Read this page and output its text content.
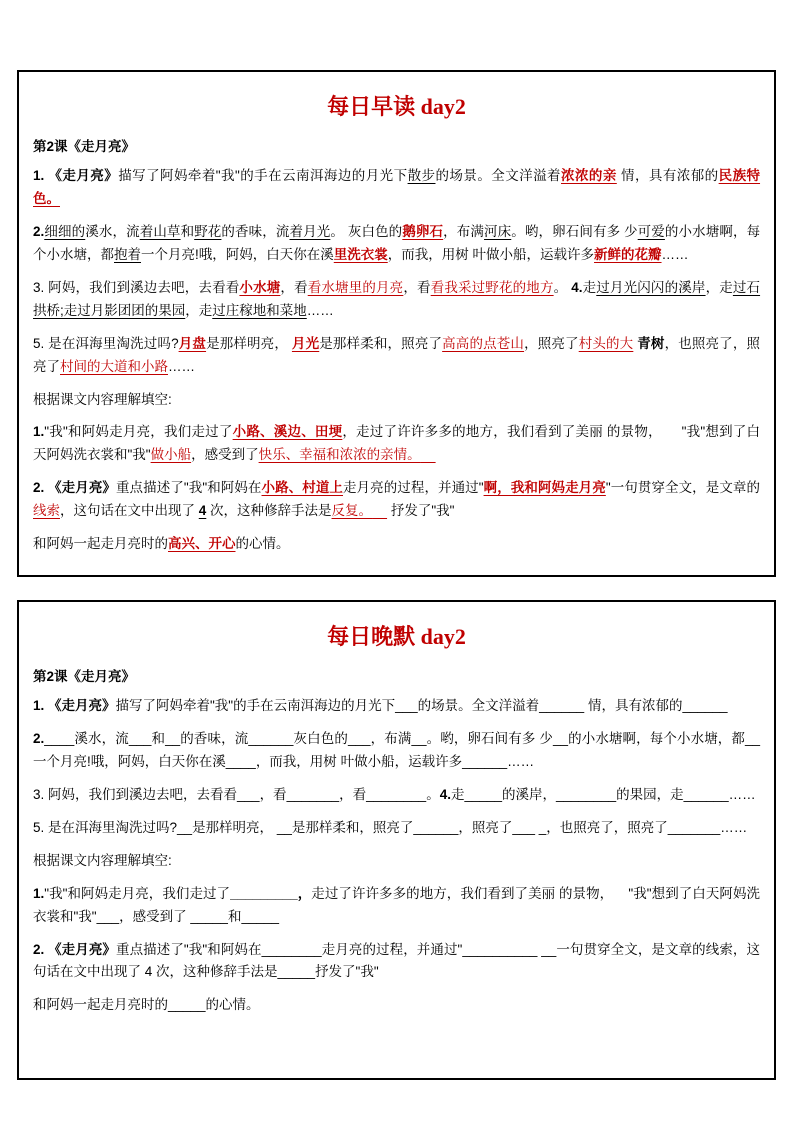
每日早读 day2
第2课《走月亮》

1. 《走月亮》描写了阿妈牵着"我"的手在云南洱海边的月光下散步的场景。全文洋溢着浓浓的亲 情，具有浓郁的民族特色。

2.细细的溪水，流着山草和野花的香味，流着月光。 灰白色的鹅卵石，布满河床。哟，卵石间有多 少可爱的小水塘啊，每个小水塘，都抱着一个月亮!哦，阿妈，白天你在溪里洗衣裳，而我，用树 叶做小船，运载许多新鲜的花瓣……

3. 阿妈，我们到溪边去吧，去看看小水塘，看看水塘里的月亮，看看我采过野花的地方。 4.走过月光闪闪的溪岸，走过石拱桥;走过月影团团的果园，走过庄稼地和菜地……

5. 是在洱海里淘洗过吗?月盘是那样明亮， 月光是那样柔和，照亮了高高的点苍山，照亮了村头的大 青树，也照亮了，照亮了村间的大道和小路……

根据课文内容理解填空:

1."我"和阿妈走月亮，我们走过了小路、溪边、田埂，走过了许许多多的地方，我们看到了美丽 的景物，     "我"想到了白天阿妈洗衣裳和"我"做小船，感受到了快乐、幸福和浓浓的亲情。

2. 《走月亮》重点描述了"我"和阿妈在小路、村道上走月亮的过程，并通过"啊，我和阿妈走月亮"一句贯穿全文，是文章的线索，这句话在文中出现了 4 次，这种修辞手法是反复。     抒发了"我"

和阿妈一起走月亮时的高兴、开心的心情。

每日晚默 day2
第2课《走月亮》

1. 《走月亮》描写了阿妈牵着"我"的手在云南洱海边的月光下___的场景。全文洋溢着______ 情，具有浓郁的______

2.____溪水，流___和__的香味，流______灰白色的___，布满__。哟，卵石间有多 少__的小水塘啊，每个小水塘，都__一个月亮!哦，阿妈，白天你在溪____，而我，用树 叶做小船，运载许多______……

3. 阿妈，我们到溪边去吧，去看看___，看_______，看________。4.走_____的溪岸，________的果园，走______……

5. 是在洱海里淘洗过吗?__是那样明亮， __是那样柔和，照亮了______，照亮了___ _，也照亮了，照亮了_______……

根据课文内容理解填空:

1."我"和阿妈走月亮，我们走过了_________，走过了许许多多的地方，我们看到了美丽 的景物，    "我"想到了白天阿妈洗衣裳和"我"___，感受到了 _____和_____

2. 《走月亮》重点描述了"我"和阿妈在________走月亮的过程，并通过"__________ __一句贯穿全文，是文章的线索，这句话在文中出现了 4 次，这种修辞手法是_____抒发了"我"

和阿妈一起走月亮时的_____的心情。
